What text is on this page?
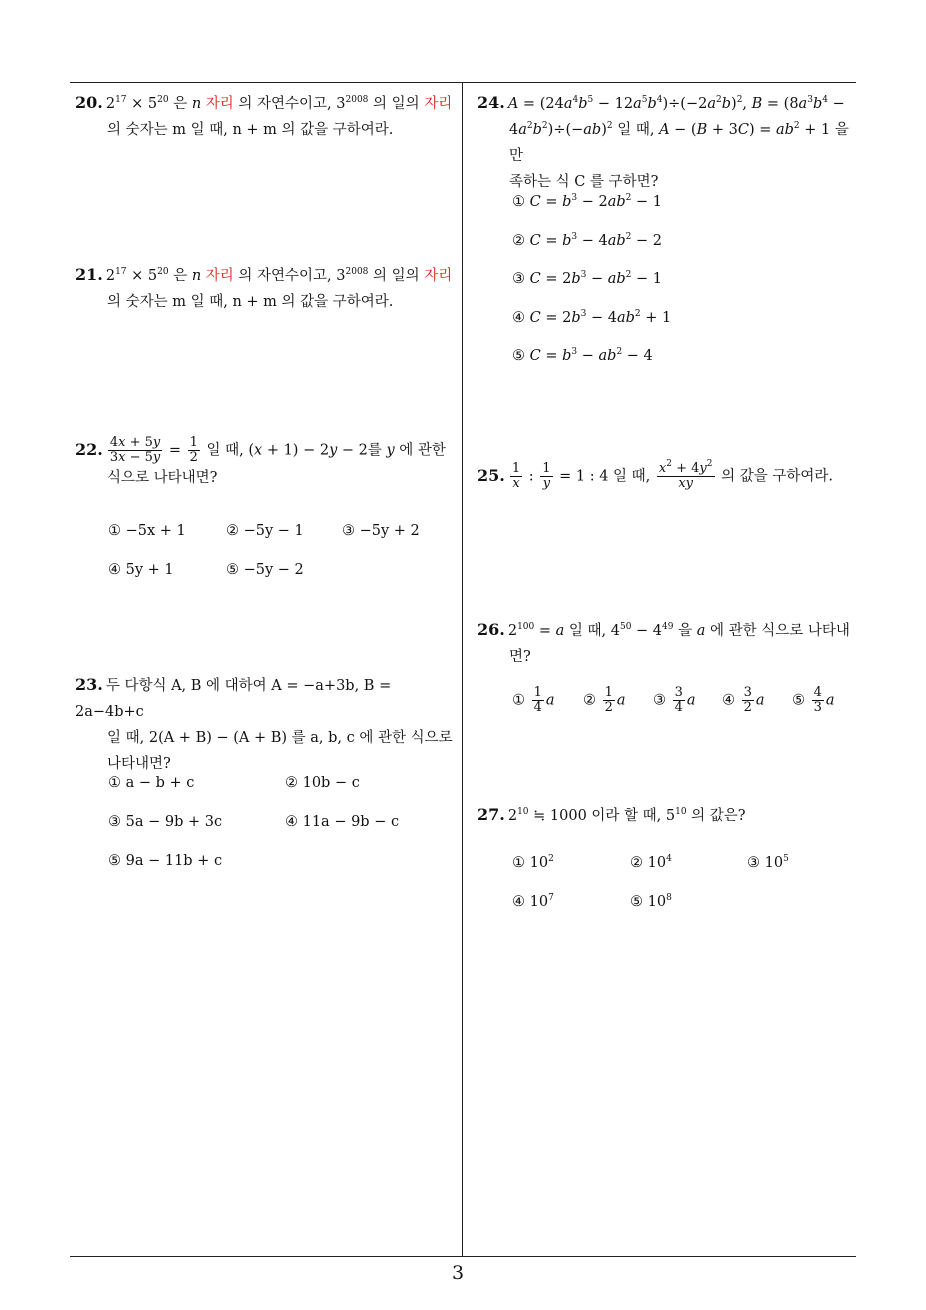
20. $2^{17} \times 5^{20}$ 은 n 자리 의 자연수이고, $3^{2008}$ 의 일의 자리
의 숫자는 m 일 때, n + m 의 값을 구하여라.
21. $2^{17} \times 5^{20}$ 은 n 자리 의 자연수이고, $3^{2008}$ 의 일의 자리
의 숫자는 m 일 때, n + m 의 값을 구하여라.
22. $\frac{4x + 5y}{3x - 5y} = \frac{1}{2}$ 일 때, (x + 1) − 2y − 2를 y 에 관한
식으로 나타내면?
① −5x + 1	② −5y − 1	③ −5y + 2
④ 5y + 1	⑤ −5y − 2
23. 두 다항식 A, B 에 대하여 A = −a+3b, B = 2a−4b+c
일 때, 2(A + B) − (A + B) 를 a, b, c 에 관한 식으로
나타내면?
① a − b + c	② 10b − c
③ 5a − 9b + 3c	④ 11a − 9b − c
⑤ 9a − 11b + c
24. $A = (24a^4b^5 - 12a^5b^4)\div(-2a^2b)^2$, $B = (8a^3b^4$ −
$4a^2b^2)\div(-ab)^2$ 일 때, $A - (B + 3C) = ab^2 + 1$ 을 만
족하는 식 C 를 구하면?
① $C = b^3 - 2ab^2 - 1$
② $C = b^3 - 4ab^2 - 2$
③ $C = 2b^3 - ab^2 - 1$
④ $C = 2b^3 - 4ab^2 + 1$
⑤ $C = b^3 - ab^2 - 4$
25. $\frac{1}{x}$ : $\frac{1}{y} = 1$ : 4 일 때, $\frac{x^2 + 4y^2}{xy}$ 의 값을 구하여라.
26. $2^{100} = a$ 일 때, $4^{50} - 4^{49}$ 을 a 에 관한 식으로 나타내
면?
① $\frac{1}{4}$ a ② $\frac{1}{2}$ a ③ $\frac{3}{4}$ a ④ $\frac{3}{2}$ a ⑤ $\frac{4}{3}$ a
27. $2^{10}$ ≒ 1000 이라 할 때, $5^{10}$ 의 값은?
① $10^2$	② $10^4$	③ $10^5$
④ $10^7$	⑤ $10^8$
3
